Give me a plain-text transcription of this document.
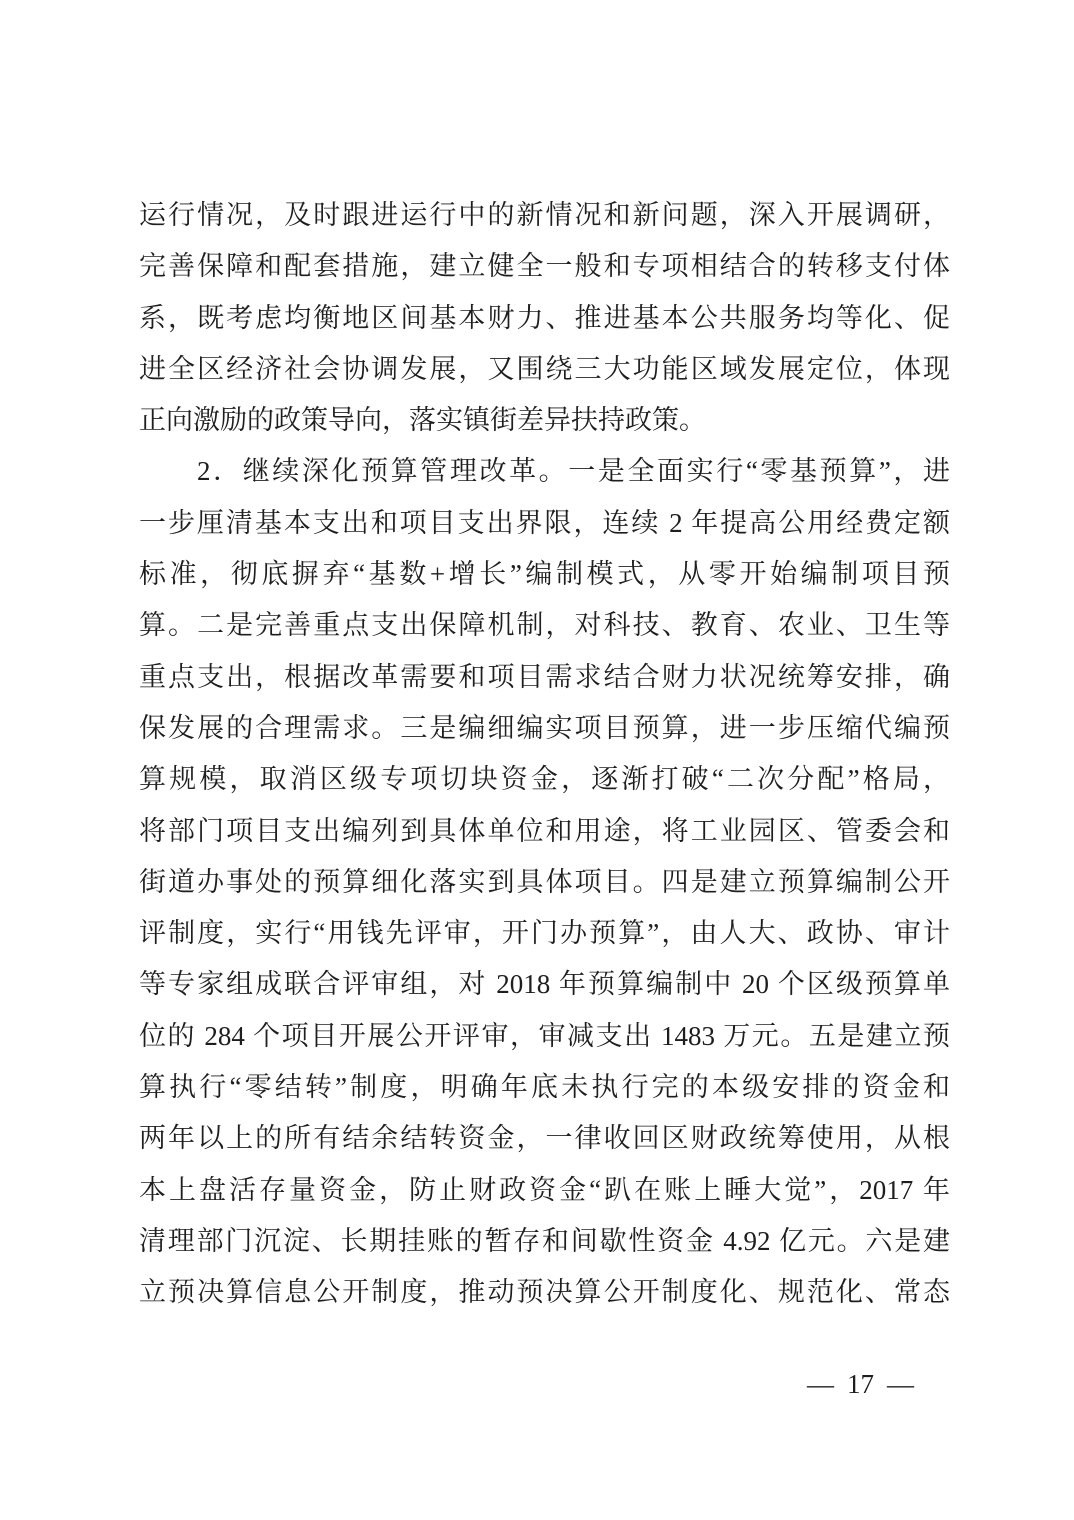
运行情况，及时跟进运行中的新情况和新问题，深入开展调研，

完善保障和配套措施，建立健全一般和专项相结合的转移支付体

系，既考虑均衡地区间基本财力、推进基本公共服务均等化、促

进全区经济社会协调发展，又围绕三大功能区域发展定位，体现

正向激励的政策导向，落实镇街差异扶持政策。

2．继续深化预算管理改革。一是全面实行“零基预算”，进

一步厘清基本支出和项目支出界限，连续 2 年提高公用经费定额

标准，彻底摒弃“基数+增长”编制模式，从零开始编制项目预

算。二是完善重点支出保障机制，对科技、教育、农业、卫生等

重点支出，根据改革需要和项目需求结合财力状况统筹安排，确

保发展的合理需求。三是编细编实项目预算，进一步压缩代编预

算规模，取消区级专项切块资金，逐渐打破“二次分配”格局，

将部门项目支出编列到具体单位和用途，将工业园区、管委会和

街道办事处的预算细化落实到具体项目。四是建立预算编制公开

评制度，实行“用钱先评审，开门办预算”，由人大、政协、审计

等专家组成联合评审组，对 2018 年预算编制中 20 个区级预算单

位的 284 个项目开展公开评审，审减支出 1483 万元。五是建立预

算执行“零结转”制度，明确年底未执行完的本级安排的资金和

两年以上的所有结余结转资金，一律收回区财政统筹使用，从根

本上盘活存量资金，防止财政资金“趴在账上睡大觉”，2017 年

清理部门沉淀、长期挂账的暂存和间歇性资金 4.92 亿元。六是建

立预决算信息公开制度，推动预决算公开制度化、规范化、常态

— 17 —
